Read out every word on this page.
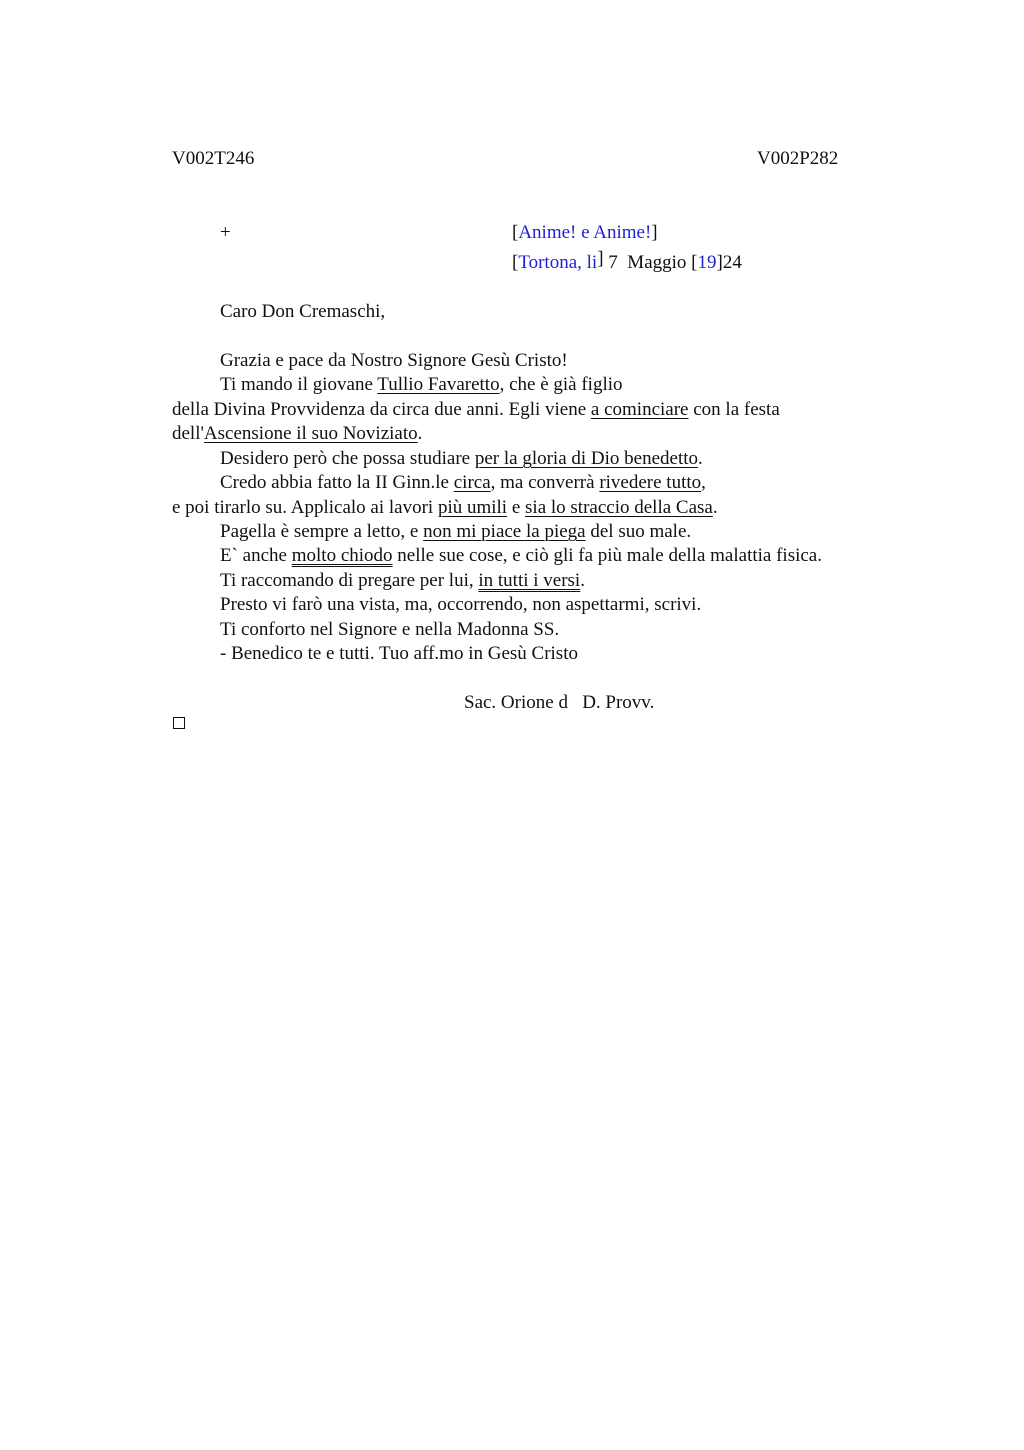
V002T246	V002P282
+	[Anime! e Anime!]
[Tortona, li] 7  Maggio [19]24
Caro Don Cremaschi,
Grazia e pace da Nostro Signore Gesù Cristo!
Ti mando il giovane Tullio Favaretto, che è già figlio
della Divina Provvidenza da circa due anni. Egli viene a cominciare con la festa
dell'Ascensione il suo Noviziato.
Desidero però che possa studiare per la gloria di Dio benedetto.
Credo abbia fatto la II Ginn.le circa, ma converrà rivedere tutto,
e poi tirarlo su. Applicalo ai lavori più umili e sia lo straccio della Casa.
Pagella è sempre a letto, e non mi piace la piega del suo male.
E` anche molto chiodo nelle sue cose, e ciò gli fa più male della malattia fisica.
Ti raccomando di pregare per lui, in tutti i versi.
Presto vi farò una vista, ma, occorrendo, non aspettarmi, scrivi.
Ti conforto nel Signore e nella Madonna SS.
- Benedico te e tutti. Tuo aff.mo in Gesù Cristo
Sac. Orione d   D. Provv.
